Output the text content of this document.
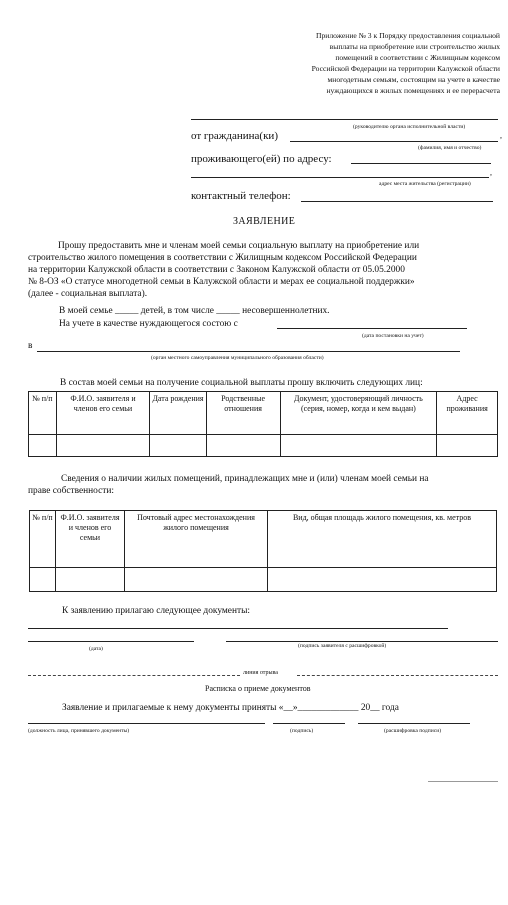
Приложение № 3 к Порядку предоставления социальной
выплаты на приобретение или строительство жилых
помещений в соответствии с Жилищным кодексом
Российской Федерации на территории Калужской области
многодетным семьям, состоящим на учете в качестве
нуждающихся в жилых помещениях и ее перерасчета
(руководителю органа исполнительной власти)
от гражданина(ки)	,
(фамилия, имя и отчество)
проживающего(ей) по адресу:
,
адрес места жительства (регистрации)
контактный телефон:
ЗАЯВЛЕНИЕ
Прошу предоставить мне и членам моей семьи социальную выплату на приобретение или
строительство жилого помещения в соответствии с Жилищным кодексом Российской Федерации
на территории Калужской области в соответствии с Законом Калужской области от 05.05.2000
№ 8-ОЗ «О статусе многодетной семьи в Калужской области и мерах ее социальной поддержки»
(далее - социальная выплата).
В моей семье _____ детей, в том числе _____ несовершеннолетних.
На учете в качестве нуждающегося состою с
(дата постановки на учет)
в
(орган местного самоуправления муниципального образования области)
В состав моей семьи на получение социальной выплаты прошу включить следующих лиц:
№ п/п	Ф.И.О. заявителя и членов его семьи	Дата рождения	Родственные отношения	Документ, удостоверяющий личность (серия, номер, когда и кем выдан)	Адрес проживания

Сведения о наличии жилых помещений, принадлежащих мне и (или) членам моей семьи на
праве собственности:
№ п/п	Ф.И.О. заявителя и членов его семьи	Почтовый адрес местонахождения жилого помещения	Вид, общая площадь жилого помещения, кв. метров

К заявлению прилагаю следующее документы:
(дата)	(подпись заявителя с расшифровкой)
линия отрыва
Расписка о приеме документов
Заявление и прилагаемые к нему документы приняты «__»_____________ 20__ года
(должность лица, принявшего документы)	(подпись)	(расшифровка подписи)
